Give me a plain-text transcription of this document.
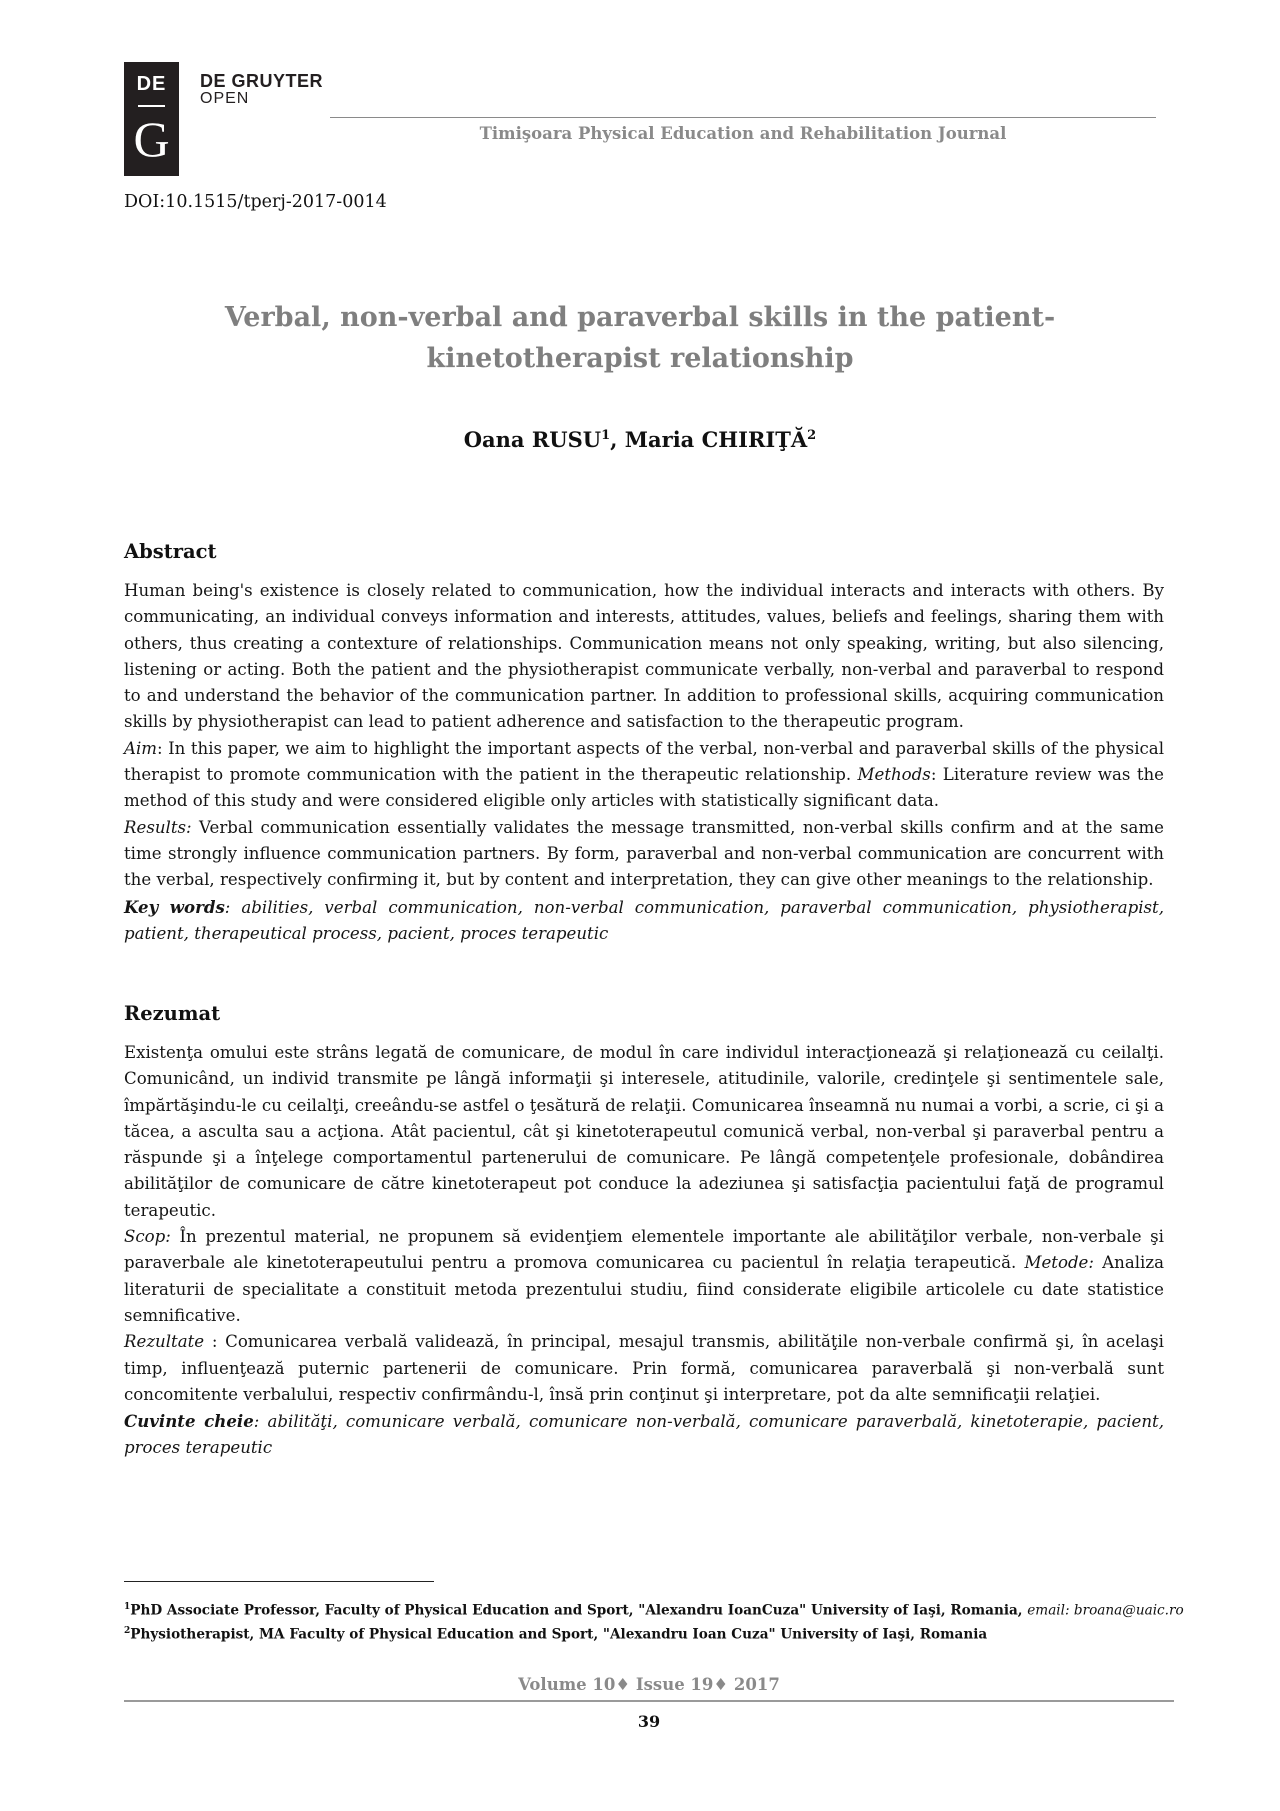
DE
G
DE GRUYTER
OPEN
Timişoara Physical Education and Rehabilitation Journal
DOI:10.1515/tperj-2017-0014
Verbal, non-verbal and paraverbal skills in the patient-kinetotherapist relationship
Oana RUSU$^1$, Maria CHIRIŢĂ$^2$
Abstract

Human being's existence is closely related to communication, how the individual interacts and interacts with others. By communicating, an individual conveys information and interests, attitudes, values, beliefs and feelings, sharing them with others, thus creating a contexture of relationships. Communication means not only speaking, writing, but also silencing, listening or acting. Both the patient and the physiotherapist communicate verbally, non-verbal and paraverbal to respond to and understand the behavior of the communication partner. In addition to professional skills, acquiring communication skills by physiotherapist can lead to patient adherence and satisfaction to the therapeutic program.

Aim: In this paper, we aim to highlight the important aspects of the verbal, non-verbal and paraverbal skills of the physical therapist to promote communication with the patient in the therapeutic relationship. Methods: Literature review was the method of this study and were considered eligible only articles with statistically significant data.

Results: Verbal communication essentially validates the message transmitted, non-verbal skills confirm and at the same time strongly influence communication partners. By form, paraverbal and non-verbal communication are concurrent with the verbal, respectively confirming it, but by content and interpretation, they can give other meanings to the relationship.

Key words: abilities, verbal communication, non-verbal communication, paraverbal communication, physiotherapist, patient, therapeutical process, pacient, proces terapeutic

Rezumat

Existenţa omului este strâns legată de comunicare, de modul în care individul interacţionează şi relaţionează cu ceilalţi. Comunicând, un individ transmite pe lângă informaţii şi interesele, atitudinile, valorile, credinţele şi sentimentele sale, împărtăşindu-le cu ceilalţi, creeându-se astfel o ţesătură de relaţii. Comunicarea înseamnă nu numai a vorbi, a scrie, ci şi a tăcea, a asculta sau a acţiona. Atât pacientul, cât şi kinetoterapeutul comunică verbal, non-verbal şi paraverbal pentru a răspunde şi a înţelege comportamentul partenerului de comunicare. Pe lângă competenţele profesionale, dobândirea abilităţilor de comunicare de către kinetoterapeut pot conduce la adeziunea şi satisfacţia pacientului faţă de programul terapeutic.

Scop: În prezentul material, ne propunem să evidenţiem elementele importante ale abilităţilor verbale, non-verbale şi paraverbale ale kinetoterapeutului pentru a promova comunicarea cu pacientul în relaţia terapeutică. Metode: Analiza literaturii de specialitate a constituit metoda prezentului studiu, fiind considerate eligibile articolele cu date statistice semnificative.

Rezultate : Comunicarea verbală validează, în principal, mesajul transmis, abilităţile non-verbale confirmă şi, în acelaşi timp, influenţează puternic partenerii de comunicare. Prin formă, comunicarea paraverbală şi non-verbală sunt concomitente verbalului, respectiv confirmându-l, însă prin conţinut şi interpretare, pot da alte semnificaţii relaţiei.

Cuvinte cheie: abilităţi, comunicare verbală, comunicare non-verbală, comunicare paraverbală, kinetoterapie, pacient, proces terapeutic

$^1$PhD Associate Professor, Faculty of Physical Education and Sport, "Alexandru IoanCuza" University of Iaşi, Romania, email: broana@uaic.ro
$^2$Physiotherapist, MA Faculty of Physical Education and Sport, "Alexandru Ioan Cuza" University of Iaşi, Romania
Volume 10♦ Issue 19♦ 2017
39
